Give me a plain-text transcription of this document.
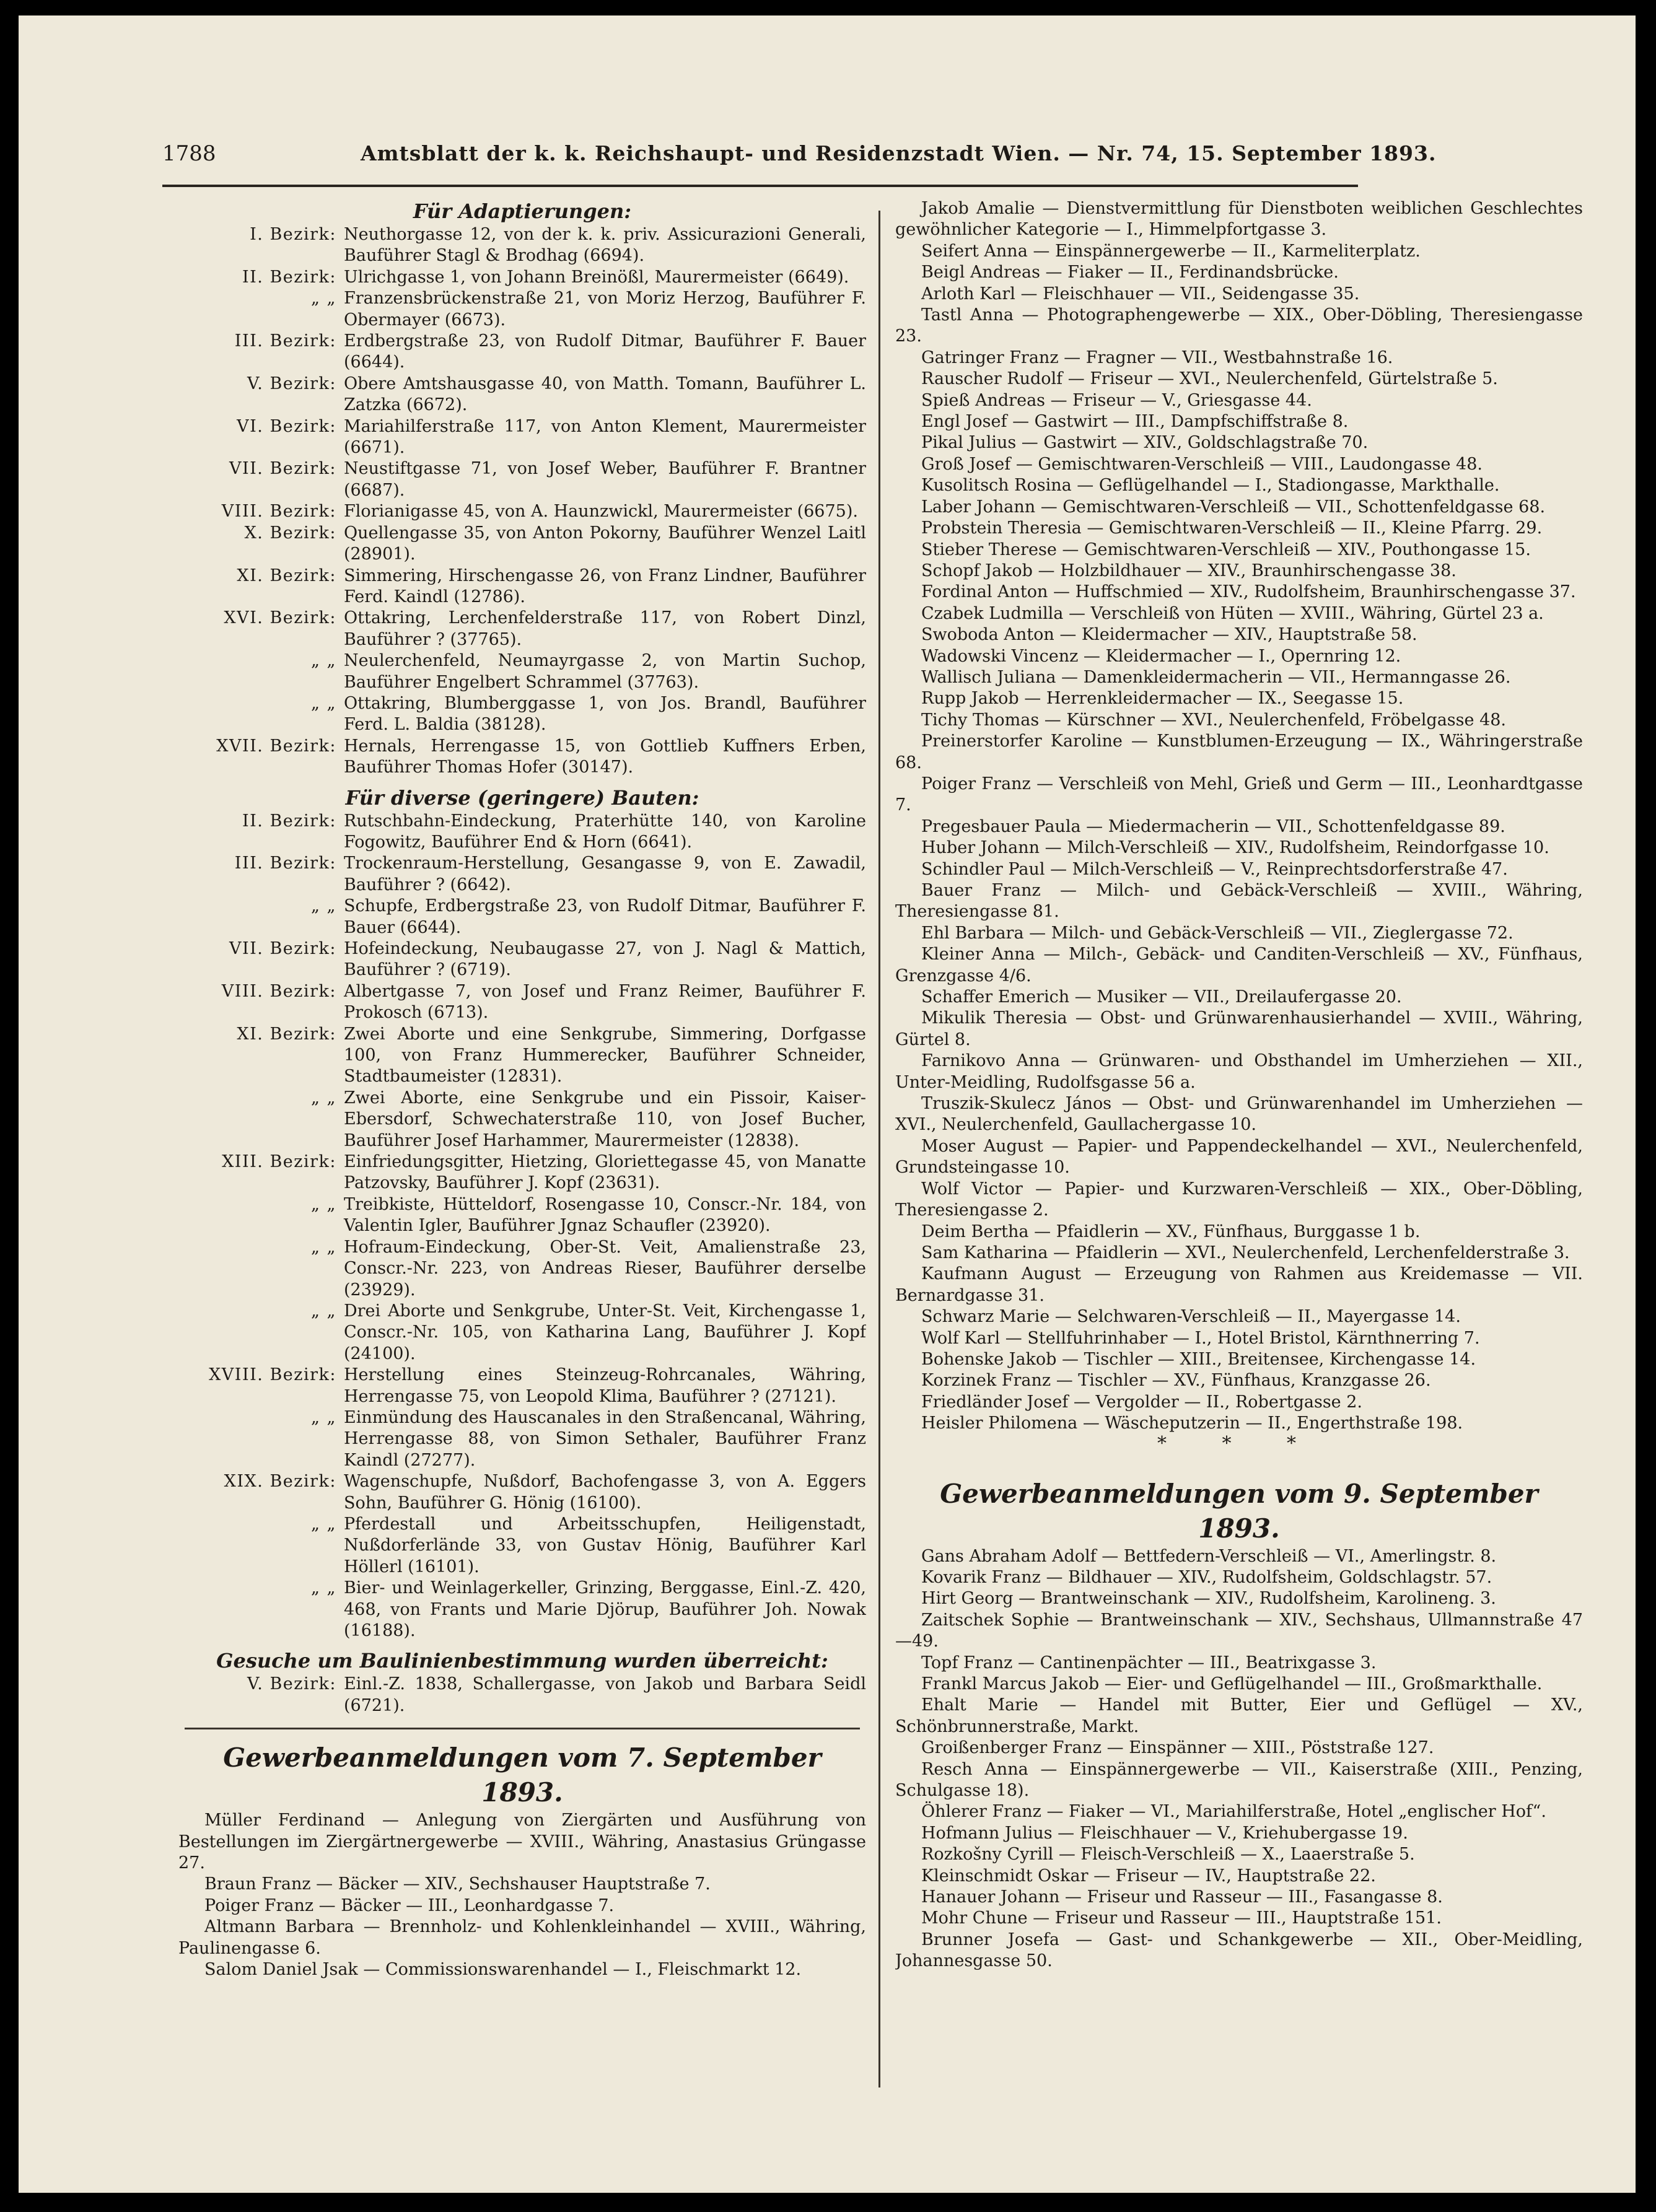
1788	Amtsblatt der k. k. Reichshaupt- und Residenzstadt Wien. — Nr. 74, 15. September 1893.
Für Adaptierungen:
I. Bezirk: Neuthorgasse 12, von der k. k. priv. Assicurazioni Generali, Bauführer Stagl & Brodhag (6694).
II. Bezirk: Ulrichgasse 1, von Johann Breinößl, Maurermeister (6649).
„ „ Franzensbrückenstraße 21, von Moriz Herzog, Bauführer F. Obermayer (6673).
III. Bezirk: Erdbergstraße 23, von Rudolf Ditmar, Bauführer F. Bauer (6644).
V. Bezirk: Obere Amtshausgasse 40, von Matth. Tomann, Bauführer L. Zatzka (6672).
VI. Bezirk: Mariahilferstraße 117, von Anton Klement, Maurermeister (6671).
VII. Bezirk: Neustiftgasse 71, von Josef Weber, Bauführer F. Brantner (6687).
VIII. Bezirk: Florianigasse 45, von A. Haunzwickl, Maurermeister (6675).
X. Bezirk: Quellengasse 35, von Anton Pokorny, Bauführer Wenzel Laitl (28901).
XI. Bezirk: Simmering, Hirschengasse 26, von Franz Lindner, Bauführer Ferd. Kaindl (12786).
XVI. Bezirk: Ottakring, Lerchenfelderstraße 117, von Robert Dinzl, Bauführer ? (37765).
„ „ Neulerchenfeld, Neumayrgasse 2, von Martin Suchop, Bauführer Engelbert Schrammel (37763).
„ „ Ottakring, Blumberggasse 1, von Jos. Brandl, Bauführer Ferd. L. Baldia (38128).
XVII. Bezirk: Hernals, Herrengasse 15, von Gottlieb Kuffners Erben, Bauführer Thomas Hofer (30147).
Für diverse (geringere) Bauten:
II. Bezirk: Rutschbahn-Eindeckung, Praterhütte 140, von Karoline Fogowitz, Bauführer End & Horn (6641).
III. Bezirk: Trockenraum-Herstellung, Gesangasse 9, von E. Zawadil, Bauführer ? (6642).
„ „ Schupfe, Erdbergstraße 23, von Rudolf Ditmar, Bauführer F. Bauer (6644).
VII. Bezirk: Hofeindeckung, Neubaugasse 27, von J. Nagl & Mattich, Bauführer ? (6719).
VIII. Bezirk: Albertgasse 7, von Josef und Franz Reimer, Bauführer F. Prokosch (6713).
XI. Bezirk: Zwei Aborte und eine Senkgrube, Simmering, Dorfgasse 100, von Franz Hummerecker, Bauführer Schneider, Stadtbaumeister (12831).
„ „ Zwei Aborte, eine Senkgrube und ein Pissoir, Kaiser-Ebersdorf, Schwechaterstraße 110, von Josef Bucher, Bauführer Josef Harhammer, Maurermeister (12838).
XIII. Bezirk: Einfriedungsgitter, Hietzing, Gloriettegasse 45, von Manatte Patzovsky, Bauführer J. Kopf (23631).
„ „ Treibkiste, Hütteldorf, Rosengasse 10, Conscr.-Nr. 184, von Valentin Igler, Bauführer Jgnaz Schaufler (23920).
„ „ Hofraum-Eindeckung, Ober-St. Veit, Amalienstraße 23, Conscr.-Nr. 223, von Andreas Rieser, Bauführer derselbe (23929).
„ „ Drei Aborte und Senkgrube, Unter-St. Veit, Kirchengasse 1, Conscr.-Nr. 105, von Katharina Lang, Bauführer J. Kopf (24100).
XVIII. Bezirk: Herstellung eines Steinzeug-Rohrcanales, Währing, Herrengasse 75, von Leopold Klima, Bauführer ? (27121).
„ „ Einmündung des Hauscanales in den Straßencanal, Währing, Herrengasse 88, von Simon Sethaler, Bauführer Franz Kaindl (27277).
XIX. Bezirk: Wagenschupfe, Nußdorf, Bachofengasse 3, von A. Eggers Sohn, Bauführer G. Hönig (16100).
„ „ Pferdestall und Arbeitsschupfen, Heiligenstadt, Nußdorferlände 33, von Gustav Hönig, Bauführer Karl Höllerl (16101).
„ „ Bier- und Weinlagerkeller, Grinzing, Berggasse, Einl.-Z. 420, 468, von Frants und Marie Djörup, Bauführer Joh. Nowak (16188).
Gesuche um Baulinienbestimmung wurden überreicht:
V. Bezirk: Einl.-Z. 1838, Schallergasse, von Jakob und Barbara Seidl (6721).
Gewerbeanmeldungen vom 7. September 1893.
Müller Ferdinand — Anlegung von Ziergärten und Ausführung von Bestellungen im Ziergärtnergewerbe — XVIII., Währing, Anastasius Grüngasse 27.
Braun Franz — Bäcker — XIV., Sechshauser Hauptstraße 7.
Poiger Franz — Bäcker — III., Leonhardgasse 7.
Altmann Barbara — Brennholz- und Kohlenkleinhandel — XVIII., Währing, Paulinengasse 6.
Salom Daniel Jsak — Commissionswarenhandel — I., Fleischmarkt 12.
Jakob Amalie — Dienstvermittlung für Dienstboten weiblichen Geschlechtes gewöhnlicher Kategorie — I., Himmelpfortgasse 3.
Seifert Anna — Einspännergewerbe — II., Karmeliterplatz.
Beigl Andreas — Fiaker — II., Ferdinandsbrücke.
Arloth Karl — Fleischhauer — VII., Seidengasse 35.
Tastl Anna — Photographengewerbe — XIX., Ober-Döbling, Theresiengasse 23.
Gatringer Franz — Fragner — VII., Westbahnstraße 16.
Rauscher Rudolf — Friseur — XVI., Neulerchenfeld, Gürtelstraße 5.
Spieß Andreas — Friseur — V., Griesgasse 44.
Engl Josef — Gastwirt — III., Dampfschiffstraße 8.
Pikal Julius — Gastwirt — XIV., Goldschlagstraße 70.
Groß Josef — Gemischtwaren-Verschleiß — VIII., Laudongasse 48.
Kusolitsch Rosina — Geflügelhandel — I., Stadiongasse, Markthalle.
Laber Johann — Gemischtwaren-Verschleiß — VII., Schottenfeldgasse 68.
Probstein Theresia — Gemischtwaren-Verschleiß — II., Kleine Pfarrg. 29.
Stieber Therese — Gemischtwaren-Verschleiß — XIV., Pouthongasse 15.
Schopf Jakob — Holzbildhauer — XIV., Braunhirschengasse 38.
Fordinal Anton — Huffschmied — XIV., Rudolfsheim, Braunhirschengasse 37.
Czabek Ludmilla — Verschleiß von Hüten — XVIII., Währing, Gürtel 23 a.
Swoboda Anton — Kleidermacher — XIV., Hauptstraße 58.
Wadowski Vincenz — Kleidermacher — I., Opernring 12.
Wallisch Juliana — Damenkleidermacherin — VII., Hermanngasse 26.
Rupp Jakob — Herrenkleidermacher — IX., Seegasse 15.
Tichy Thomas — Kürschner — XVI., Neulerchenfeld, Fröbelgasse 48.
Preinerstorfer Karoline — Kunstblumen-Erzeugung — IX., Währingerstraße 68.
Poiger Franz — Verschleiß von Mehl, Grieß und Germ — III., Leonhardtgasse 7.
Pregesbauer Paula — Miedermacherin — VII., Schottenfeldgasse 89.
Huber Johann — Milch-Verschleiß — XIV., Rudolfsheim, Reindorfgasse 10.
Schindler Paul — Milch-Verschleiß — V., Reinprechtsdorferstraße 47.
Bauer Franz — Milch- und Gebäck-Verschleiß — XVIII., Währing, Theresiengasse 81.
Ehl Barbara — Milch- und Gebäck-Verschleiß — VII., Zieglergasse 72.
Kleiner Anna — Milch-, Gebäck- und Canditen-Verschleiß — XV., Fünfhaus, Grenzgasse 4/6.
Schaffer Emerich — Musiker — VII., Dreilaufergasse 20.
Mikulik Theresia — Obst- und Grünwarenhausierhandel — XVIII., Währing, Gürtel 8.
Farnikovo Anna — Grünwaren- und Obsthandel im Umherziehen — XII., Unter-Meidling, Rudolfsgasse 56 a.
Truszik-Skulecz János — Obst- und Grünwarenhandel im Umherziehen — XVI., Neulerchenfeld, Gaullachergasse 10.
Moser August — Papier- und Pappendeckelhandel — XVI., Neulerchenfeld, Grundsteingasse 10.
Wolf Victor — Papier- und Kurzwaren-Verschleiß — XIX., Ober-Döbling, Theresiengasse 2.
Deim Bertha — Pfaidlerin — XV., Fünfhaus, Burggasse 1 b.
Sam Katharina — Pfaidlerin — XVI., Neulerchenfeld, Lerchenfelderstraße 3.
Kaufmann August — Erzeugung von Rahmen aus Kreidemasse — VII. Bernardgasse 31.
Schwarz Marie — Selchwaren-Verschleiß — II., Mayergasse 14.
Wolf Karl — Stellfuhrinhaber — I., Hotel Bristol, Kärnthnerring 7.
Bohenske Jakob — Tischler — XIII., Breitensee, Kirchengasse 14.
Korzinek Franz — Tischler — XV., Fünfhaus, Kranzgasse 26.
Friedländer Josef — Vergolder — II., Robertgasse 2.
Heisler Philomena — Wäscheputzerin — II., Engerthstraße 198.
* * *
Gewerbeanmeldungen vom 9. September 1893.
Gans Abraham Adolf — Bettfedern-Verschleiß — VI., Amerlingstr. 8.
Kovarik Franz — Bildhauer — XIV., Rudolfsheim, Goldschlagstr. 57.
Hirt Georg — Brantweinschank — XIV., Rudolfsheim, Karolineng. 3.
Zaitschek Sophie — Brantweinschank — XIV., Sechshaus, Ullmannstraße 47—49.
Topf Franz — Cantinenpächter — III., Beatrixgasse 3.
Frankl Marcus Jakob — Eier- und Geflügelhandel — III., Großmarkthalle.
Ehalt Marie — Handel mit Butter, Eier und Geflügel — XV., Schönbrunnerstraße, Markt.
Groißenberger Franz — Einspänner — XIII., Pöststraße 127.
Resch Anna — Einspännergewerbe — VII., Kaiserstraße (XIII., Penzing, Schulgasse 18).
Öhlerer Franz — Fiaker — VI., Mariahilferstraße, Hotel „englischer Hof“.
Hofmann Julius — Fleischhauer — V., Kriehubergasse 19.
Rozkošny Cyrill — Fleisch-Verschleiß — X., Laaerstraße 5.
Kleinschmidt Oskar — Friseur — IV., Hauptstraße 22.
Hanauer Johann — Friseur und Rasseur — III., Fasangasse 8.
Mohr Chune — Friseur und Rasseur — III., Hauptstraße 151.
Brunner Josefa — Gast- und Schankgewerbe — XII., Ober-Meidling, Johannesgasse 50.
